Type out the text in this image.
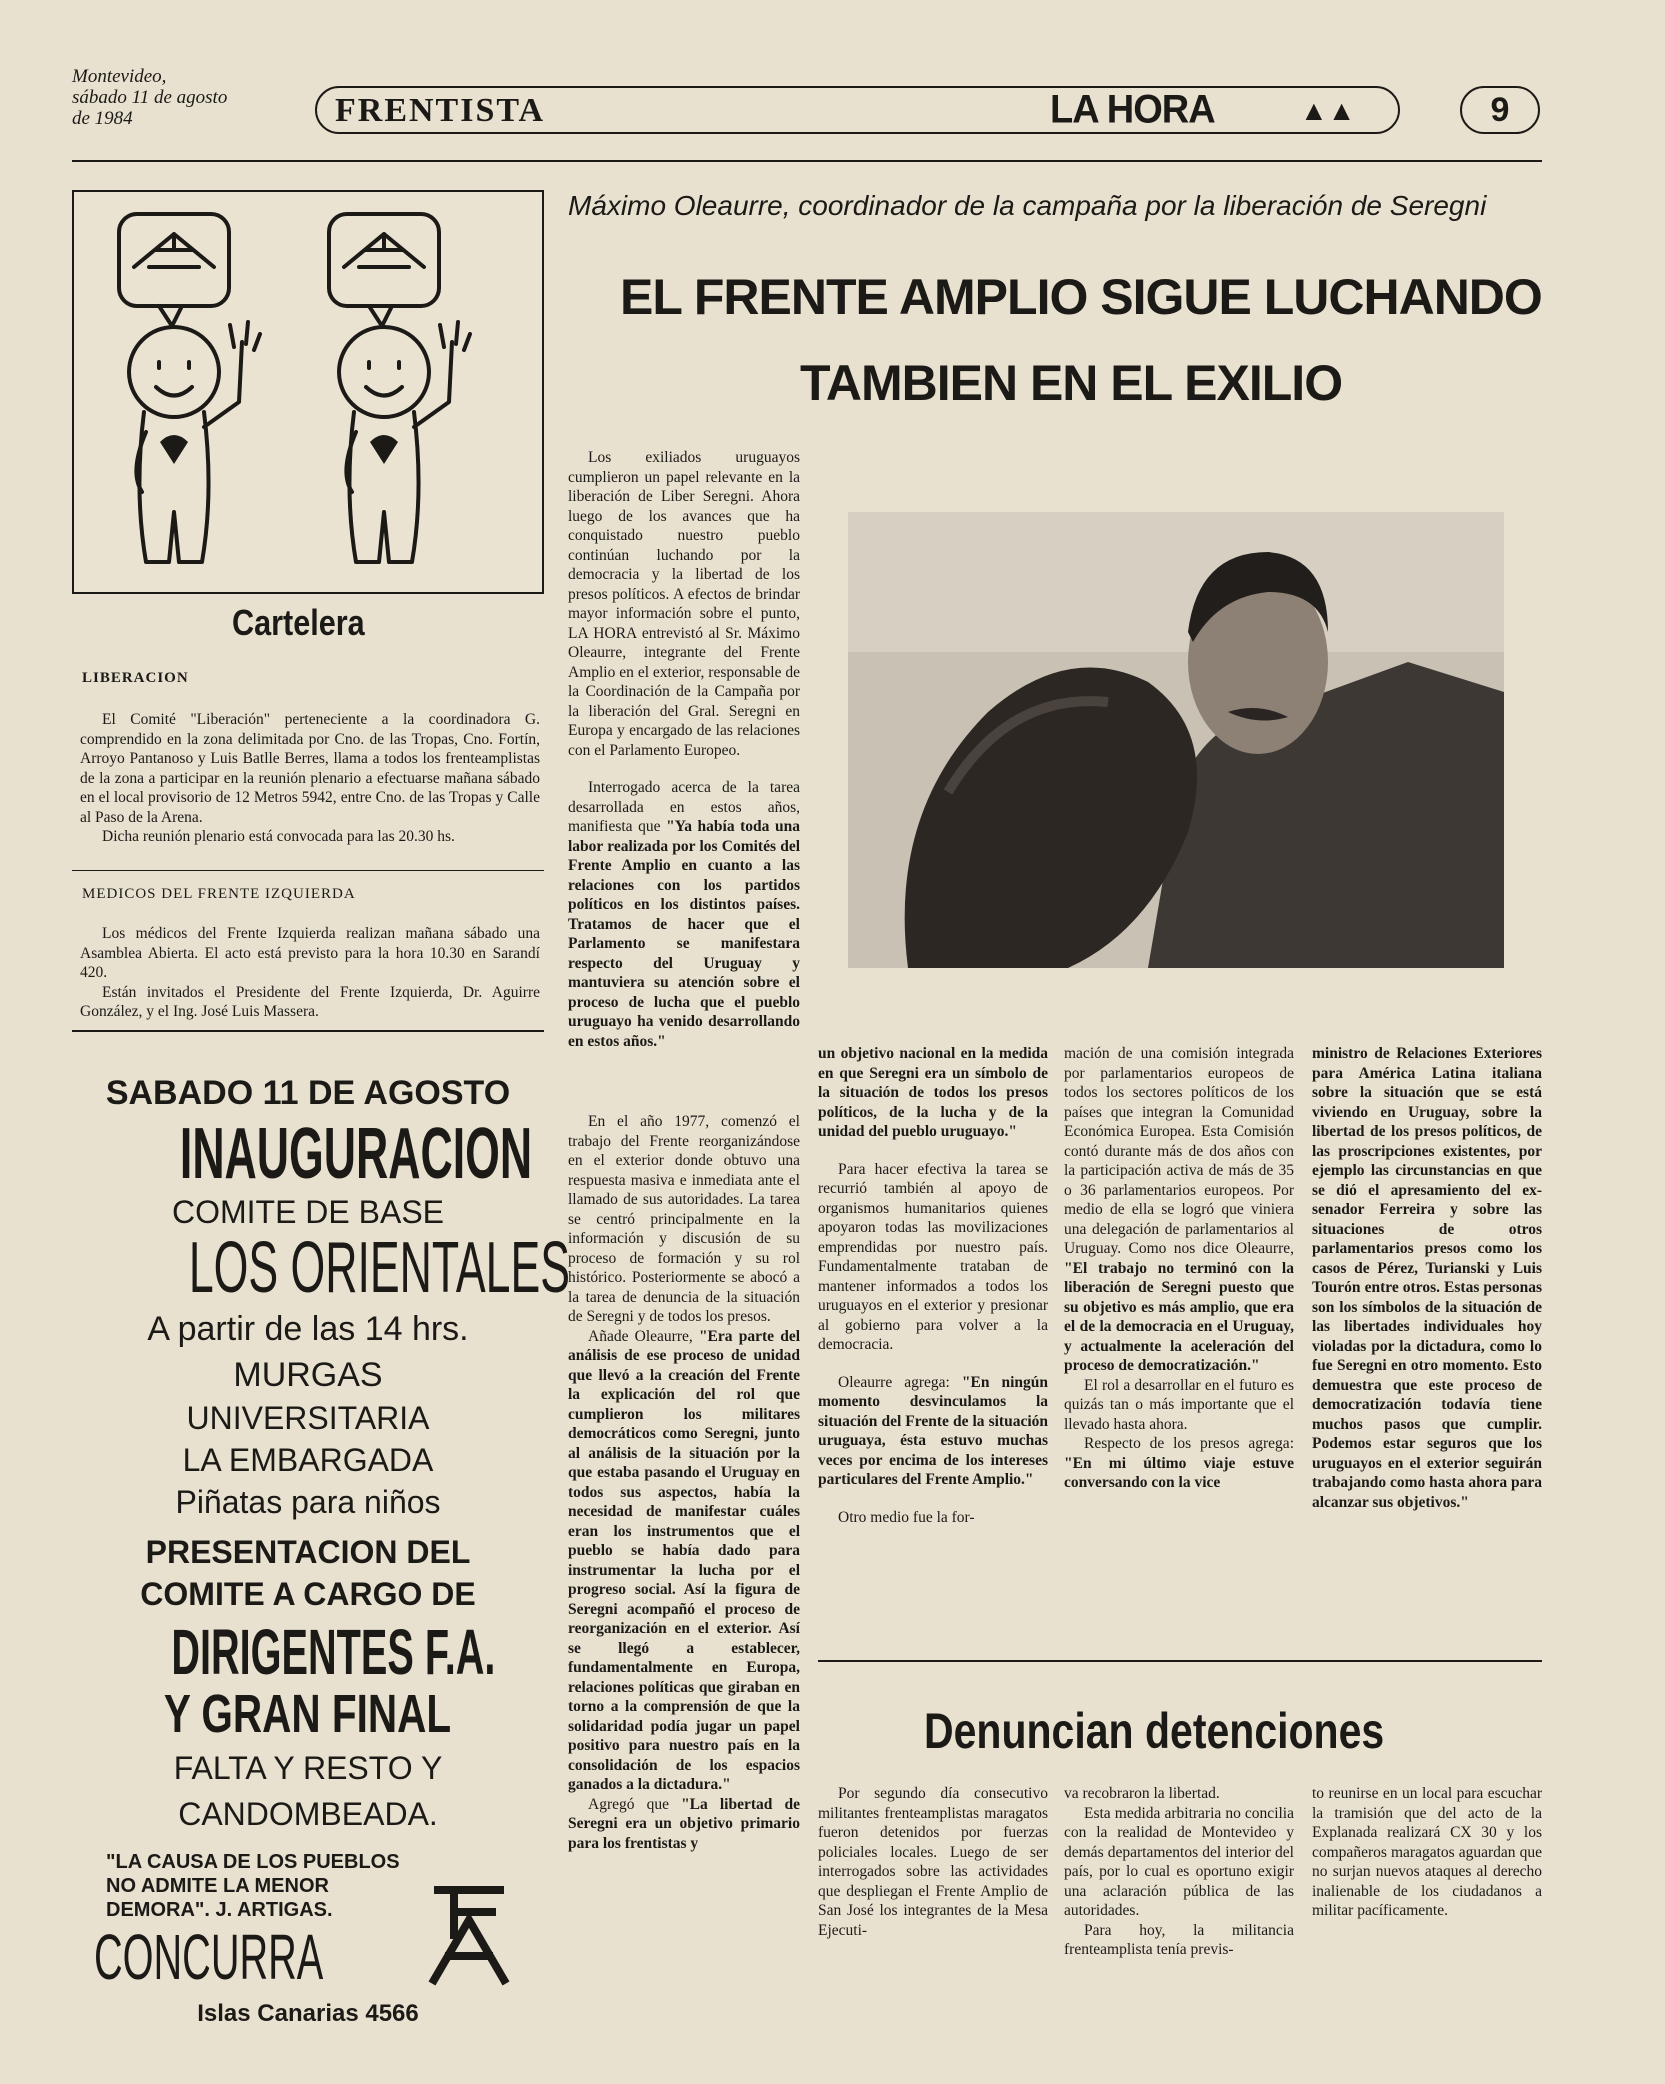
Montevideo,
sábado 11 de agosto
de 1984	FRENTISTA	LA HORA	▲▲	9
Cartelera
LIBERACION

El Comité "Liberación" perteneciente a la coordinadora G. comprendido en la zona delimitada por Cno. de las Tropas, Cno. Fortín, Arroyo Pantanoso y Luis Batlle Berres, llama a todos los frenteamplistas de la zona a participar en la reunión plenario a efectuarse mañana sábado en el local provisorio de 12 Metros 5942, entre Cno. de las Tropas y Calle al Paso de la Arena.

Dicha reunión plenario está convocada para las 20.30 hs.

MEDICOS DEL FRENTE IZQUIERDA

Los médicos del Frente Izquierda realizan mañana sábado una Asamblea Abierta. El acto está previsto para la hora 10.30 en Sarandí 420.

Están invitados el Presidente del Frente Izquierda, Dr. Aguirre González, y el Ing. José Luis Massera.

SABADO 11 DE AGOSTO
INAUGURACION
COMITE DE BASE
LOS ORIENTALES
A partir de las 14 hrs.
MURGAS
UNIVERSITARIA
LA EMBARGADA
Piñatas para niños
PRESENTACION DEL
COMITE A CARGO DE
DIRIGENTES F.A.
Y GRAN FINAL
FALTA Y RESTO Y
CANDOMBEADA.
"LA CAUSA DE LOS PUEBLOS
NO ADMITE LA MENOR
DEMORA". J. ARTIGAS.
CONCURRA
Islas Canarias 4566
Máximo Oleaurre, coordinador de la campaña por la liberación de Seregni
EL FRENTE AMPLIO SIGUE LUCHANDO
TAMBIEN EN EL EXILIO

Los exiliados uruguayos cumplieron un papel relevante en la liberación de Liber Seregni. Ahora luego de los avances que ha conquistado nuestro pueblo continúan luchando por la democracia y la libertad de los presos políticos. A efectos de brindar mayor información sobre el punto, LA HORA entrevistó al Sr. Máximo Oleaurre, integrante del Frente Amplio en el exterior, responsable de la Coordinación de la Campaña por la liberación del Gral. Seregni en Europa y encargado de las relaciones con el Parlamento Europeo.

Interrogado acerca de la tarea desarrollada en estos años, manifiesta que "Ya había toda una labor realizada por los Comités del Frente Amplio en cuanto a las relaciones con los partidos políticos en los distintos países. Tratamos de hacer que el Parlamento se manifestara respecto del Uruguay y mantuviera su atención sobre el proceso de lucha que el pueblo uruguayo ha venido desarrollando en estos años."

En el año 1977, comenzó el trabajo del Frente reorganizándose en el exterior donde obtuvo una respuesta masiva e inmediata ante el llamado de sus autoridades. La tarea se centró principalmente en la información y discusión de su proceso de formación y su rol histórico. Posteriormente se abocó a la tarea de denuncia de la situación de Seregni y de todos los presos.

Añade Oleaurre, "Era parte del análisis de ese proceso de unidad que llevó a la creación del Frente la explicación del rol que cumplieron los militares democráticos como Seregni, junto al análisis de la situación por la que estaba pasando el Uruguay en todos sus aspectos, había la necesidad de manifestar cuáles eran los instrumentos que el pueblo se había dado para instrumentar la lucha por el progreso social. Así la figura de Seregni acompañó el proceso de reorganización en el exterior. Así se llegó a establecer, fundamentalmente en Europa, relaciones políticas que giraban en torno a la comprensión de que la solidaridad podía jugar un papel positivo para nuestro país en la consolidación de los espacios ganados a la dictadura."

Agregó que "La libertad de Seregni era un objetivo primario para los frentistas y

un objetivo nacional en la medida en que Seregni era un símbolo de la situación de todos los presos políticos, de la lucha y de la unidad del pueblo uruguayo."

Para hacer efectiva la tarea se recurrió también al apoyo de organismos humanitarios quienes apoyaron todas las movilizaciones emprendidas por nuestro país. Fundamentalmente trataban de mantener informados a todos los uruguayos en el exterior y presionar al gobierno para volver a la democracia.

Oleaurre agrega: "En ningún momento desvinculamos la situación del Frente de la situación uruguaya, ésta estuvo muchas veces por encima de los intereses particulares del Frente Amplio."

Otro medio fue la for-

mación de una comisión integrada por parlamentarios europeos de todos los sectores políticos de los países que integran la Comunidad Económica Europea. Esta Comisión contó durante más de dos años con la participación activa de más de 35 o 36 parlamentarios europeos. Por medio de ella se logró que viniera una delegación de parlamentarios al Uruguay. Como nos dice Oleaurre, "El trabajo no terminó con la liberación de Seregni puesto que su objetivo es más amplio, que era el de la democracia en el Uruguay, y actualmente la aceleración del proceso de democratización."

El rol a desarrollar en el futuro es quizás tan o más importante que el llevado hasta ahora.

Respecto de los presos agrega: "En mi último viaje estuve conversando con la vice

ministro de Relaciones Exteriores para América Latina italiana sobre la situación que se está viviendo en Uruguay, sobre la libertad de los presos políticos, de las proscripciones existentes, por ejemplo las circunstancias en que se dió el apresamiento del ex-senador Ferreira y sobre las situaciones de otros parlamentarios presos como los casos de Pérez, Turianski y Luis Tourón entre otros. Estas personas son los símbolos de la situación de las libertades individuales hoy violadas por la dictadura, como lo fue Seregni en otro momento. Esto demuestra que este proceso de democratización todavía tiene muchos pasos que cumplir. Podemos estar seguros que los uruguayos en el exterior seguirán trabajando como hasta ahora para alcanzar sus objetivos."

Denuncian detenciones

Por segundo día consecutivo militantes frenteamplistas maragatos fueron detenidos por fuerzas policiales locales. Luego de ser interrogados sobre las actividades que despliegan el Frente Amplio de San José los integrantes de la Mesa Ejecuti-

va recobraron la libertad.

Esta medida arbitraria no concilia con la realidad de Montevideo y demás departamentos del interior del país, por lo cual es oportuno exigir una aclaración pública de las autoridades.

Para hoy, la militancia frenteamplista tenía previs-

to reunirse en un local para escuchar la tramisión que del acto de la Explanada realizará CX 30 y los compañeros maragatos aguardan que no surjan nuevos ataques al derecho inalienable de los ciudadanos a militar pacíficamente.
